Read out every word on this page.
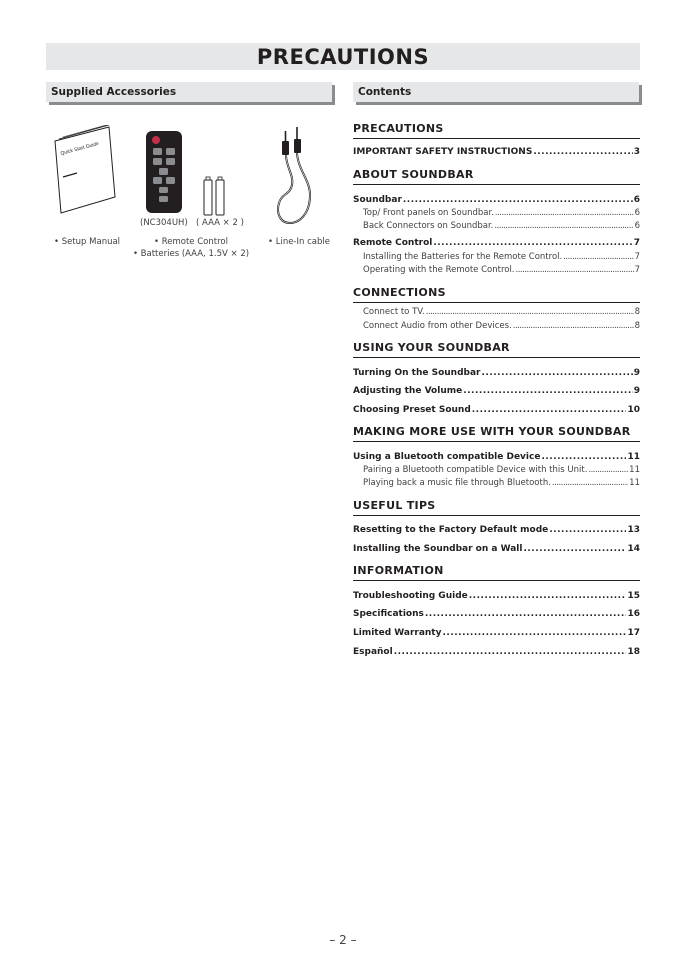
PRECAUTIONS
Supplied Accessories	Contents
Quick Start Guide
(NC304UH) ( AAA × 2 )
• Setup Manual	• Remote Control
• Batteries (AAA, 1.5V × 2)
• Line-In cable
PRECAUTIONS
IMPORTANT SAFETY INSTRUCTIONS .....	3
ABOUT SOUNDBAR
Soundbar .....	6
Top/ Front panels on Soundbar. .....	6
Back Connectors on Soundbar. .....	6
Remote Control .....	7
Installing the Batteries for the Remote Control. .....	7
Operating with the Remote Control. .....	7
CONNECTIONS
Connect to TV. .....	8
Connect Audio from other Devices. .....	8
USING YOUR SOUNDBAR
Turning On the Soundbar .....	9
Adjusting the Volume .....	9
Choosing Preset Sound .....	10
MAKING MORE USE WITH YOUR SOUNDBAR
Using a Bluetooth compatible Device .....	11
Pairing a Bluetooth compatible Device with this Unit. .....	11
Playing back a music file through Bluetooth. .....	11
USEFUL TIPS
Resetting to the Factory Default mode .....	13
Installing the Soundbar on a Wall .....	14
INFORMATION
Troubleshooting Guide .....	15
Specifications .....	16
Limited Warranty .....	17
Español .....	18
– 2 –
